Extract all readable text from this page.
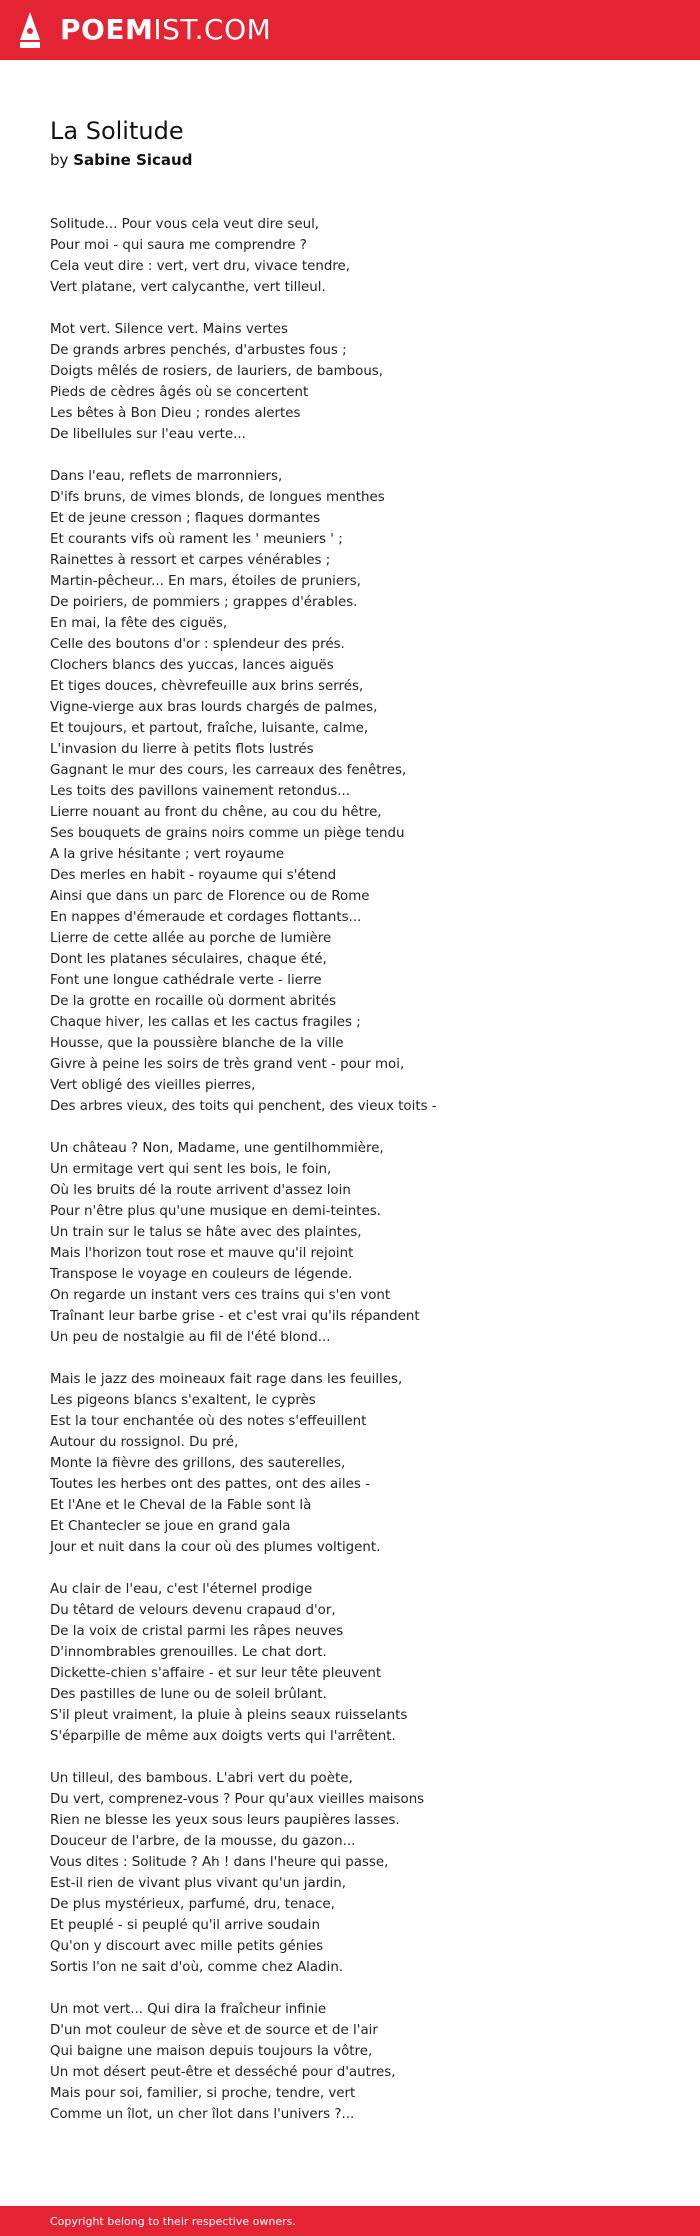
POEMIST.COM
La Solitude
by Sabine Sicaud
Solitude... Pour vous cela veut dire seul,
Pour moi - qui saura me comprendre ?
Cela veut dire : vert, vert dru, vivace tendre,
Vert platane, vert calycanthe, vert tilleul.
Mot vert. Silence vert. Mains vertes
De grands arbres penchés, d'arbustes fous ;
Doigts mêlés de rosiers, de lauriers, de bambous,
Pieds de cèdres âgés où se concertent
Les bêtes à Bon Dieu ; rondes alertes
De libellules sur l'eau verte...
Dans l'eau, reflets de marronniers,
D'ifs bruns, de vimes blonds, de longues menthes
Et de jeune cresson ; flaques dormantes
Et courants vifs où rament les ' meuniers ' ;
Rainettes à ressort et carpes vénérables ;
Martin-pêcheur... En mars, étoiles de pruniers,
De poiriers, de pommiers ; grappes d'érables.
En mai, la fête des ciguës,
Celle des boutons d'or : splendeur des prés.
Clochers blancs des yuccas, lances aiguës
Et tiges douces, chèvrefeuille aux brins serrés,
Vigne-vierge aux bras lourds chargés de palmes,
Et toujours, et partout, fraîche, luisante, calme,
L'invasion du lierre à petits flots lustrés
Gagnant le mur des cours, les carreaux des fenêtres,
Les toits des pavillons vainement retondus...
Lierre nouant au front du chêne, au cou du hêtre,
Ses bouquets de grains noirs comme un piège tendu
A la grive hésitante ; vert royaume
Des merles en habit - royaume qui s'étend
Ainsi que dans un parc de Florence ou de Rome
En nappes d'émeraude et cordages flottants...
Lierre de cette allée au porche de lumière
Dont les platanes séculaires, chaque été,
Font une longue cathédrale verte - lierre
De la grotte en rocaille où dorment abrités
Chaque hiver, les callas et les cactus fragiles ;
Housse, que la poussière blanche de la ville
Givre à peine les soirs de très grand vent - pour moi,
Vert obligé des vieilles pierres,
Des arbres vieux, des toits qui penchent, des vieux toits -
Un château ? Non, Madame, une gentilhommière,
Un ermitage vert qui sent les bois, le foin,
Où les bruits dé la route arrivent d'assez loin
Pour n'être plus qu'une musique en demi-teintes.
Un train sur le talus se hâte avec des plaintes,
Mais l'horizon tout rose et mauve qu'il rejoint
Transpose le voyage en couleurs de légende.
On regarde un instant vers ces trains qui s'en vont
Traînant leur barbe grise - et c'est vrai qu'ils répandent
Un peu de nostalgie au fil de l'été blond...
Mais le jazz des moineaux fait rage dans les feuilles,
Les pigeons blancs s'exaltent, le cyprès
Est la tour enchantée où des notes s'effeuillent
Autour du rossignol. Du pré,
Monte la fièvre des grillons, des sauterelles,
Toutes les herbes ont des pattes, ont des ailes -
Et l'Ane et le Cheval de la Fable sont là
Et Chantecler se joue en grand gala
Jour et nuit dans la cour où des plumes voltigent.
Au clair de l'eau, c'est l'éternel prodige
Du têtard de velours devenu crapaud d'or,
De la voix de cristal parmi les râpes neuves
D'innombrables grenouilles. Le chat dort.
Dickette-chien s'affaire - et sur leur tête pleuvent
Des pastilles de lune ou de soleil brûlant.
S'il pleut vraiment, la pluie à pleins seaux ruisselants
S'éparpille de même aux doigts verts qui l'arrêtent.
Un tilleul, des bambous. L'abri vert du poète,
Du vert, comprenez-vous ? Pour qu'aux vieilles maisons
Rien ne blesse les yeux sous leurs paupières lasses.
Douceur de l'arbre, de la mousse, du gazon...
Vous dites : Solitude ? Ah ! dans l'heure qui passe,
Est-il rien de vivant plus vivant qu'un jardin,
De plus mystérieux, parfumé, dru, tenace,
Et peuplé - si peuplé qu'il arrive soudain
Qu'on y discourt avec mille petits génies
Sortis l'on ne sait d'où, comme chez Aladin.
Un mot vert... Qui dira la fraîcheur infinie
D'un mot couleur de sève et de source et de l'air
Qui baigne une maison depuis toujours la vôtre,
Un mot désert peut-être et desséché pour d'autres,
Mais pour soi, familier, si proche, tendre, vert
Comme un îlot, un cher îlot dans l'univers ?...
Copyright belong to their respective owners.
